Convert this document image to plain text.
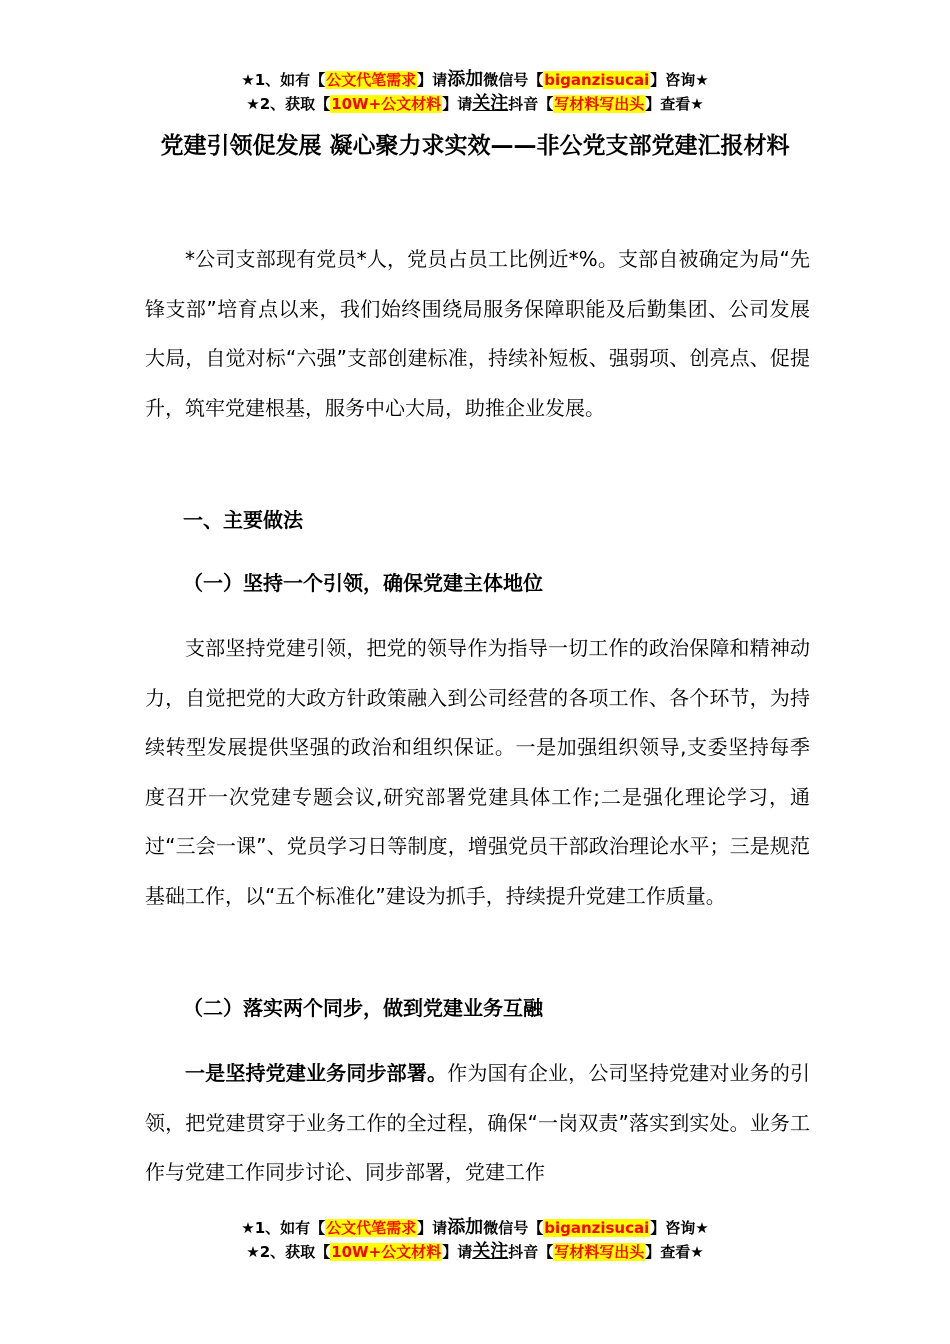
★1、如有【公文代笔需求】请添加微信号【biganzisucai】咨询★
★2、获取【10W+公文材料】请关注抖音【写材料写出头】查看★
党建引领促发展 凝心聚力求实效——非公党支部党建汇报材料

*公司支部现有党员*人，党员占员工比例近*%。支部自被确定为局“先锋支部”培育点以来，我们始终围绕局服务保障职能及后勤集团、公司发展大局，自觉对标“六强”支部创建标准，持续补短板、强弱项、创亮点、促提升，筑牢党建根基，服务中心大局，助推企业发展。

一、主要做法
（一）坚持一个引领，确保党建主体地位

支部坚持党建引领，把党的领导作为指导一切工作的政治保障和精神动力，自觉把党的大政方针政策融入到公司经营的各项工作、各个环节，为持续转型发展提供坚强的政治和组织保证。一是加强组织领导,支委坚持每季度召开一次党建专题会议,研究部署党建具体工作;二是强化理论学习，通过“三会一课”、党员学习日等制度，增强党员干部政治理论水平；三是规范基础工作，以“五个标准化”建设为抓手，持续提升党建工作质量。

（二）落实两个同步，做到党建业务互融

一是坚持党建业务同步部署。作为国有企业，公司坚持党建对业务的引领，把党建贯穿于业务工作的全过程，确保“一岗双责”落实到实处。业务工作与党建工作同步讨论、同步部署，党建工作

★1、如有【公文代笔需求】请添加微信号【biganzisucai】咨询★
★2、获取【10W+公文材料】请关注抖音【写材料写出头】查看★
